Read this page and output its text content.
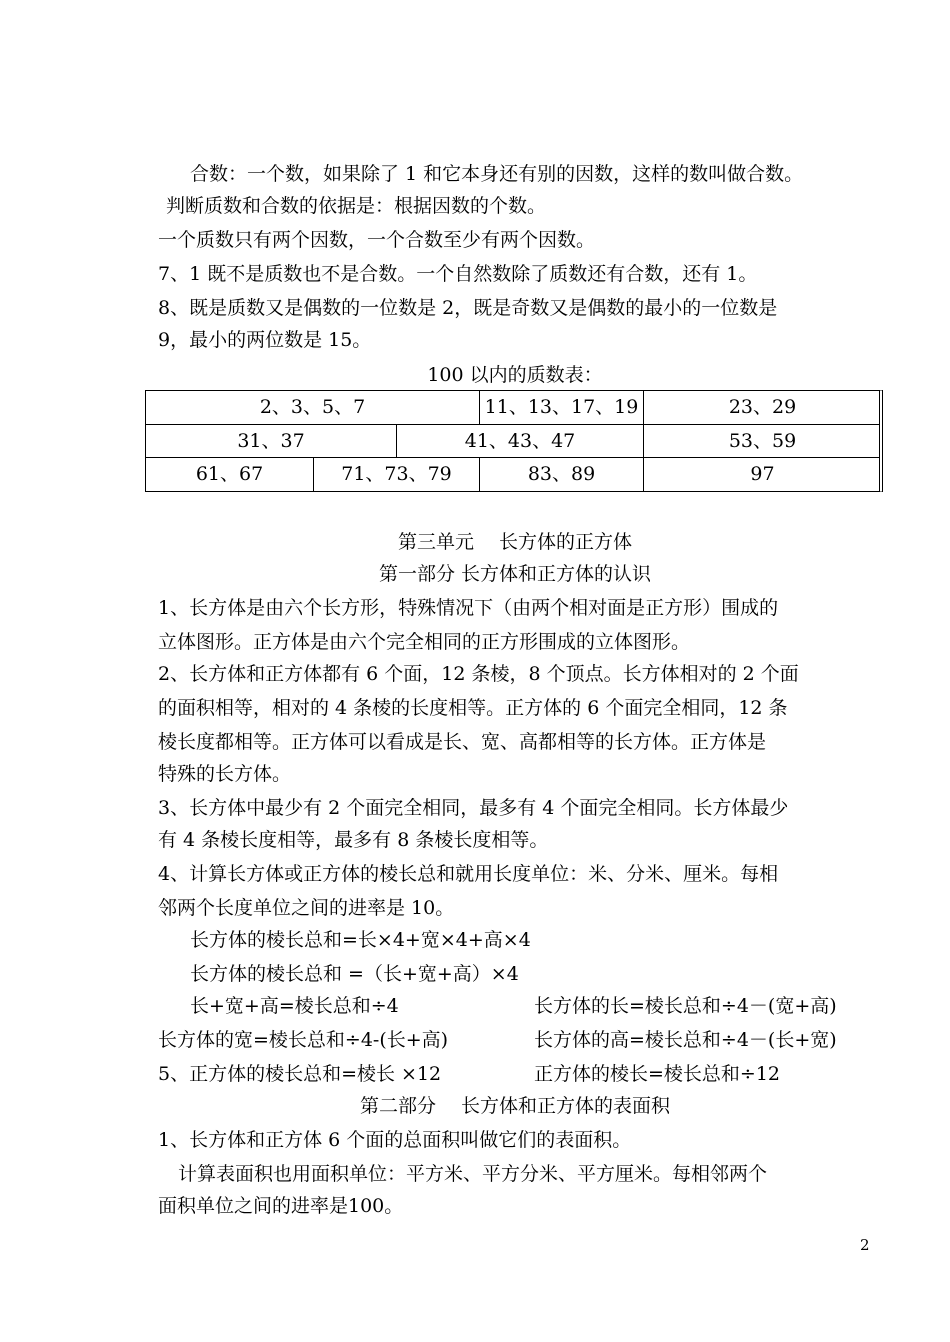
合数：一个数，如果除了 1 和它本身还有别的因数，这样的数叫做合数。
判断质数和合数的依据是：根据因数的个数。
一个质数只有两个因数，一个合数至少有两个因数。
7、1 既不是质数也不是合数。一个自然数除了质数还有合数，还有 1。
8、既是质数又是偶数的一位数是 2，既是奇数又是偶数的最小的一位数是
9，最小的两位数是 15。
100 以内的质数表：
2、3、5、7	11、13、17、19	23、29
31、37	41、43、47	53、59
61、67	71、73、79	83、89	97
第三单元　 长方体的正方体
第一部分 长方体和正方体的认识
1、长方体是由六个长方形，特殊情况下（由两个相对面是正方形）围成的
立体图形。正方体是由六个完全相同的正方形围成的立体图形。
2、长方体和正方体都有 6 个面，12 条棱，8 个顶点。长方体相对的 2 个面
的面积相等，相对的 4 条棱的长度相等。正方体的 6 个面完全相同，12 条
棱长度都相等。正方体可以看成是长、宽、高都相等的长方体。正方体是
特殊的长方体。
3、长方体中最少有 2 个面完全相同，最多有 4 个面完全相同。长方体最少
有 4 条棱长度相等，最多有 8 条棱长度相等。
4、计算长方体或正方体的棱长总和就用长度单位：米、分米、厘米。每相
邻两个长度单位之间的进率是 10。
长方体的棱长总和=长×4+宽×4+高×4
长方体的棱长总和 =（长+宽+高）×4
长+宽+高=棱长总和÷4	长方体的长=棱长总和÷4－(宽+高)
长方体的宽=棱长总和÷4-(长+高)	长方体的高=棱长总和÷4－(长+宽)
5、正方体的棱长总和=棱长 ×12	正方体的棱长=棱长总和÷12
第二部分　 长方体和正方体的表面积
1、长方体和正方体 6 个面的总面积叫做它们的表面积。
计算表面积也用面积单位：平方米、平方分米、平方厘米。每相邻两个
面积单位之间的进率是100。
2
